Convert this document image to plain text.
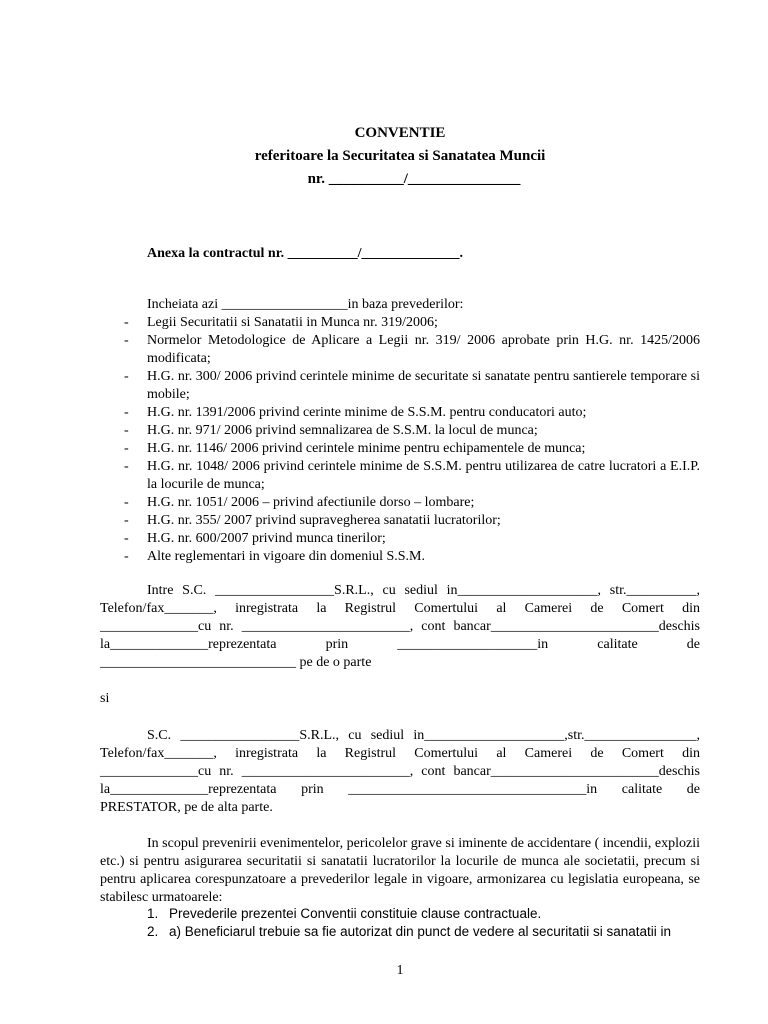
CONVENTIE
referitoare la Securitatea si Sanatatea Muncii
nr. __________/_______________

Anexa la contractul nr. __________/______________.

Incheiata azi __________________in baza prevederilor:

- Legii Securitatii si Sanatatii in Munca nr. 319/2006;
- Normelor Metodologice de Aplicare a Legii nr. 319/ 2006 aprobate prin H.G. nr. 1425/2006 modificata;
- H.G. nr. 300/ 2006 privind cerintele minime de securitate si sanatate pentru santierele temporare si mobile;
- H.G. nr. 1391/2006 privind cerinte minime de S.S.M. pentru conducatori auto;
- H.G. nr. 971/ 2006 privind semnalizarea de S.S.M. la locul de munca;
- H.G. nr. 1146/ 2006 privind cerintele minime pentru echipamentele de munca;
- H.G. nr. 1048/ 2006 privind cerintele minime de S.S.M. pentru utilizarea de catre lucratori a E.I.P. la locurile de munca;
- H.G. nr. 1051/ 2006 – privind afectiunile dorso – lombare;
- H.G. nr. 355/ 2007 privind supravegherea sanatatii lucratorilor;
- H.G. nr. 600/2007 privind munca tinerilor;
- Alte reglementari in vigoare din domeniul S.S.M.

Intre S.C. _________________S.R.L., cu sediul in____________________, str.__________,

Telefon/fax_______, inregistrata la Registrul Comertului al Camerei de Comert din

______________cu nr. ________________________, cont bancar________________________deschis

la______________reprezentata prin ____________________in calitate de

____________________________ pe de o parte

si

S.C. _________________S.R.L., cu sediul in____________________,str.________________,

Telefon/fax_______, inregistrata la Registrul Comertului al Camerei de Comert din

______________cu nr. ________________________, cont bancar________________________deschis

la______________reprezentata prin __________________________________in calitate de

PRESTATOR, pe de alta parte.

In scopul prevenirii evenimentelor, pericolelor grave si iminente de accidentare ( incendii, explozii etc.) si pentru asigurarea securitatii si sanatatii lucratorilor la locurile de munca ale societatii, precum si pentru aplicarea corespunzatoare a prevederilor legale in vigoare, armonizarea cu legislatia europeana, se stabilesc urmatoarele:

1. Prevederile prezentei Conventii constituie clause contractuale.
2. a) Beneficiarul trebuie sa fie autorizat din punct de vedere al securitatii si sanatatii in
1
